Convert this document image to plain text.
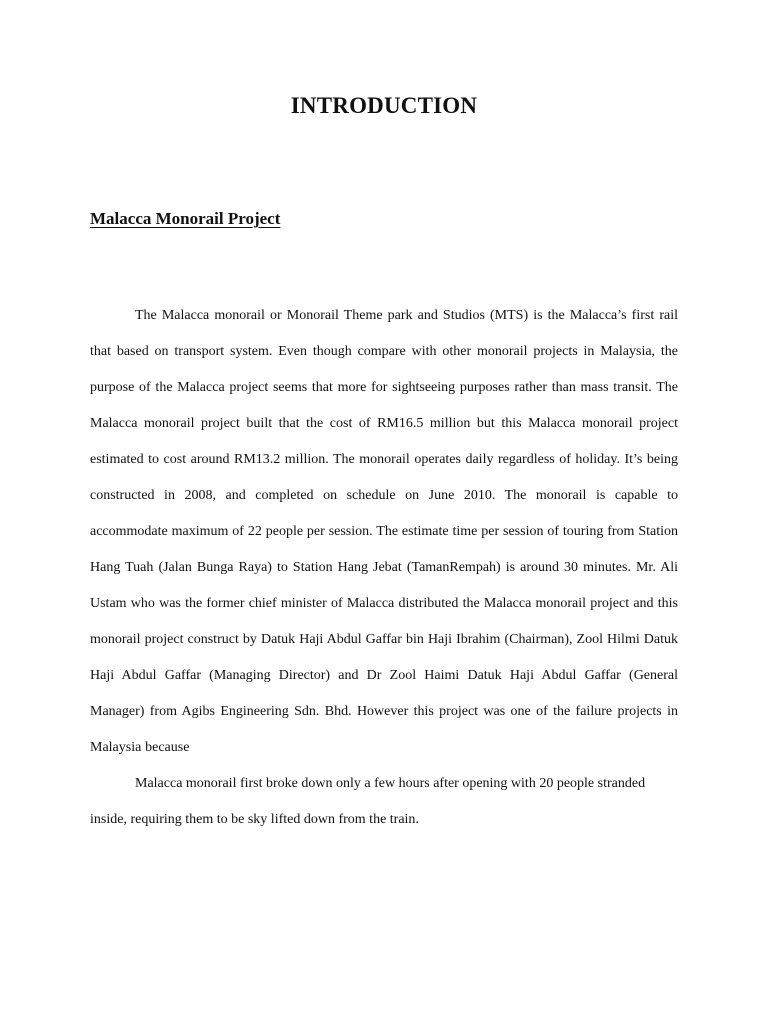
INTRODUCTION
Malacca Monorail Project

The Malacca monorail or Monorail Theme park and Studios (MTS) is the Malacca’s first rail that based on transport system. Even though compare with other monorail projects in Malaysia, the purpose of the Malacca project seems that more for sightseeing purposes rather than mass transit. The Malacca monorail project built that the cost of RM16.5 million but this Malacca monorail project estimated to cost around RM13.2 million. The monorail operates daily regardless of holiday. It’s being constructed in 2008, and completed on schedule on June 2010. The monorail is capable to accommodate maximum of 22 people per session. The estimate time per session of touring from Station Hang Tuah (Jalan Bunga Raya) to Station Hang Jebat (TamanRempah) is around 30 minutes. Mr. Ali Ustam who was the former chief minister of Malacca distributed the Malacca monorail project and this monorail project construct by Datuk Haji Abdul Gaffar bin Haji Ibrahim (Chairman), Zool Hilmi Datuk Haji Abdul Gaffar (Managing Director) and Dr Zool Haimi Datuk Haji Abdul Gaffar (General Manager) from Agibs Engineering Sdn. Bhd. However this project was one of the failure projects in Malaysia because

Malacca monorail first broke down only a few hours after opening with 20 people stranded inside, requiring them to be sky lifted down from the train.
